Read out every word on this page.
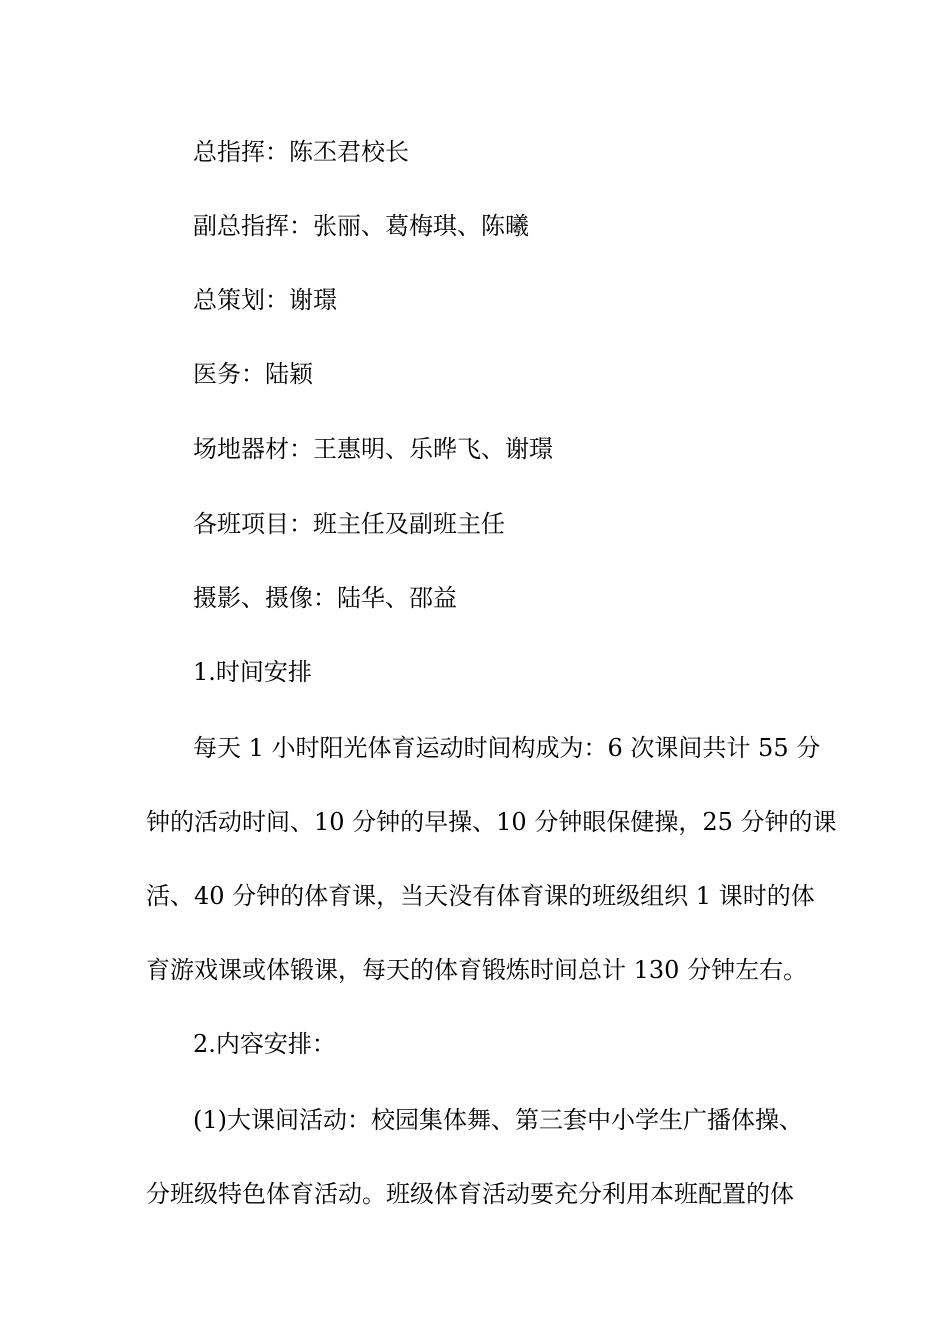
总指挥：陈丕君校长
副总指挥：张丽、葛梅琪、陈曦
总策划：谢璟
医务：陆颖
场地器材：王惠明、乐晔飞、谢璟
各班项目：班主任及副班主任
摄影、摄像：陆华、邵益
1.时间安排
每天 1 小时阳光体育运动时间构成为：6 次课间共计 55 分
钟的活动时间、10 分钟的早操、10 分钟眼保健操，25 分钟的课
活、40 分钟的体育课，当天没有体育课的班级组织 1 课时的体
育游戏课或体锻课，每天的体育锻炼时间总计 130 分钟左右。
2.内容安排：
(1)大课间活动：校园集体舞、第三套中小学生广播体操、
分班级特色体育活动。班级体育活动要充分利用本班配置的体
